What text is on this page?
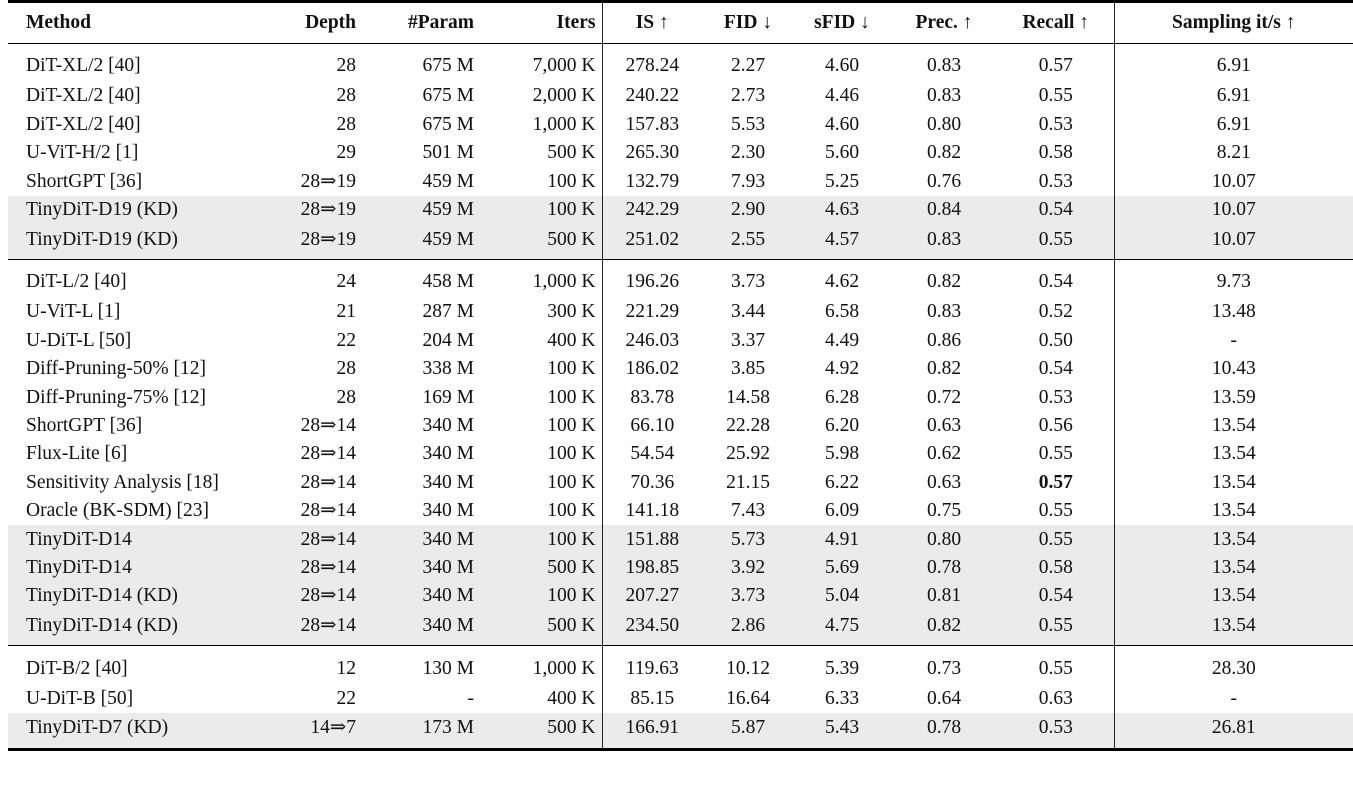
Method	Depth	#Param	Iters	IS ↑	FID ↓	sFID ↓	Prec. ↑	Recall ↑	Sampling it/s ↑
DiT-XL/2 [40]	28	675 M	7,000 K	278.24	2.27	4.60	0.83	0.57	6.91
DiT-XL/2 [40]	28	675 M	2,000 K	240.22	2.73	4.46	0.83	0.55	6.91
DiT-XL/2 [40]	28	675 M	1,000 K	157.83	5.53	4.60	0.80	0.53	6.91
U-ViT-H/2 [1]	29	501 M	500 K	265.30	2.30	5.60	0.82	0.58	8.21
ShortGPT [36]	28⇒19	459 M	100 K	132.79	7.93	5.25	0.76	0.53	10.07
TinyDiT-D19 (KD)	28⇒19	459 M	100 K	242.29	2.90	4.63	0.84	0.54	10.07
TinyDiT-D19 (KD)	28⇒19	459 M	500 K	251.02	2.55	4.57	0.83	0.55	10.07
DiT-L/2 [40]	24	458 M	1,000 K	196.26	3.73	4.62	0.82	0.54	9.73
U-ViT-L [1]	21	287 M	300 K	221.29	3.44	6.58	0.83	0.52	13.48
U-DiT-L [50]	22	204 M	400 K	246.03	3.37	4.49	0.86	0.50	-
Diff-Pruning-50% [12]	28	338 M	100 K	186.02	3.85	4.92	0.82	0.54	10.43
Diff-Pruning-75% [12]	28	169 M	100 K	83.78	14.58	6.28	0.72	0.53	13.59
ShortGPT [36]	28⇒14	340 M	100 K	66.10	22.28	6.20	0.63	0.56	13.54
Flux-Lite [6]	28⇒14	340 M	100 K	54.54	25.92	5.98	0.62	0.55	13.54
Sensitivity Analysis [18]	28⇒14	340 M	100 K	70.36	21.15	6.22	0.63	0.57	13.54
Oracle (BK-SDM) [23]	28⇒14	340 M	100 K	141.18	7.43	6.09	0.75	0.55	13.54
TinyDiT-D14	28⇒14	340 M	100 K	151.88	5.73	4.91	0.80	0.55	13.54
TinyDiT-D14	28⇒14	340 M	500 K	198.85	3.92	5.69	0.78	0.58	13.54
TinyDiT-D14 (KD)	28⇒14	340 M	100 K	207.27	3.73	5.04	0.81	0.54	13.54
TinyDiT-D14 (KD)	28⇒14	340 M	500 K	234.50	2.86	4.75	0.82	0.55	13.54
DiT-B/2 [40]	12	130 M	1,000 K	119.63	10.12	5.39	0.73	0.55	28.30
U-DiT-B [50]	22	-	400 K	85.15	16.64	6.33	0.64	0.63	-
TinyDiT-D7 (KD)	14⇒7	173 M	500 K	166.91	5.87	5.43	0.78	0.53	26.81
